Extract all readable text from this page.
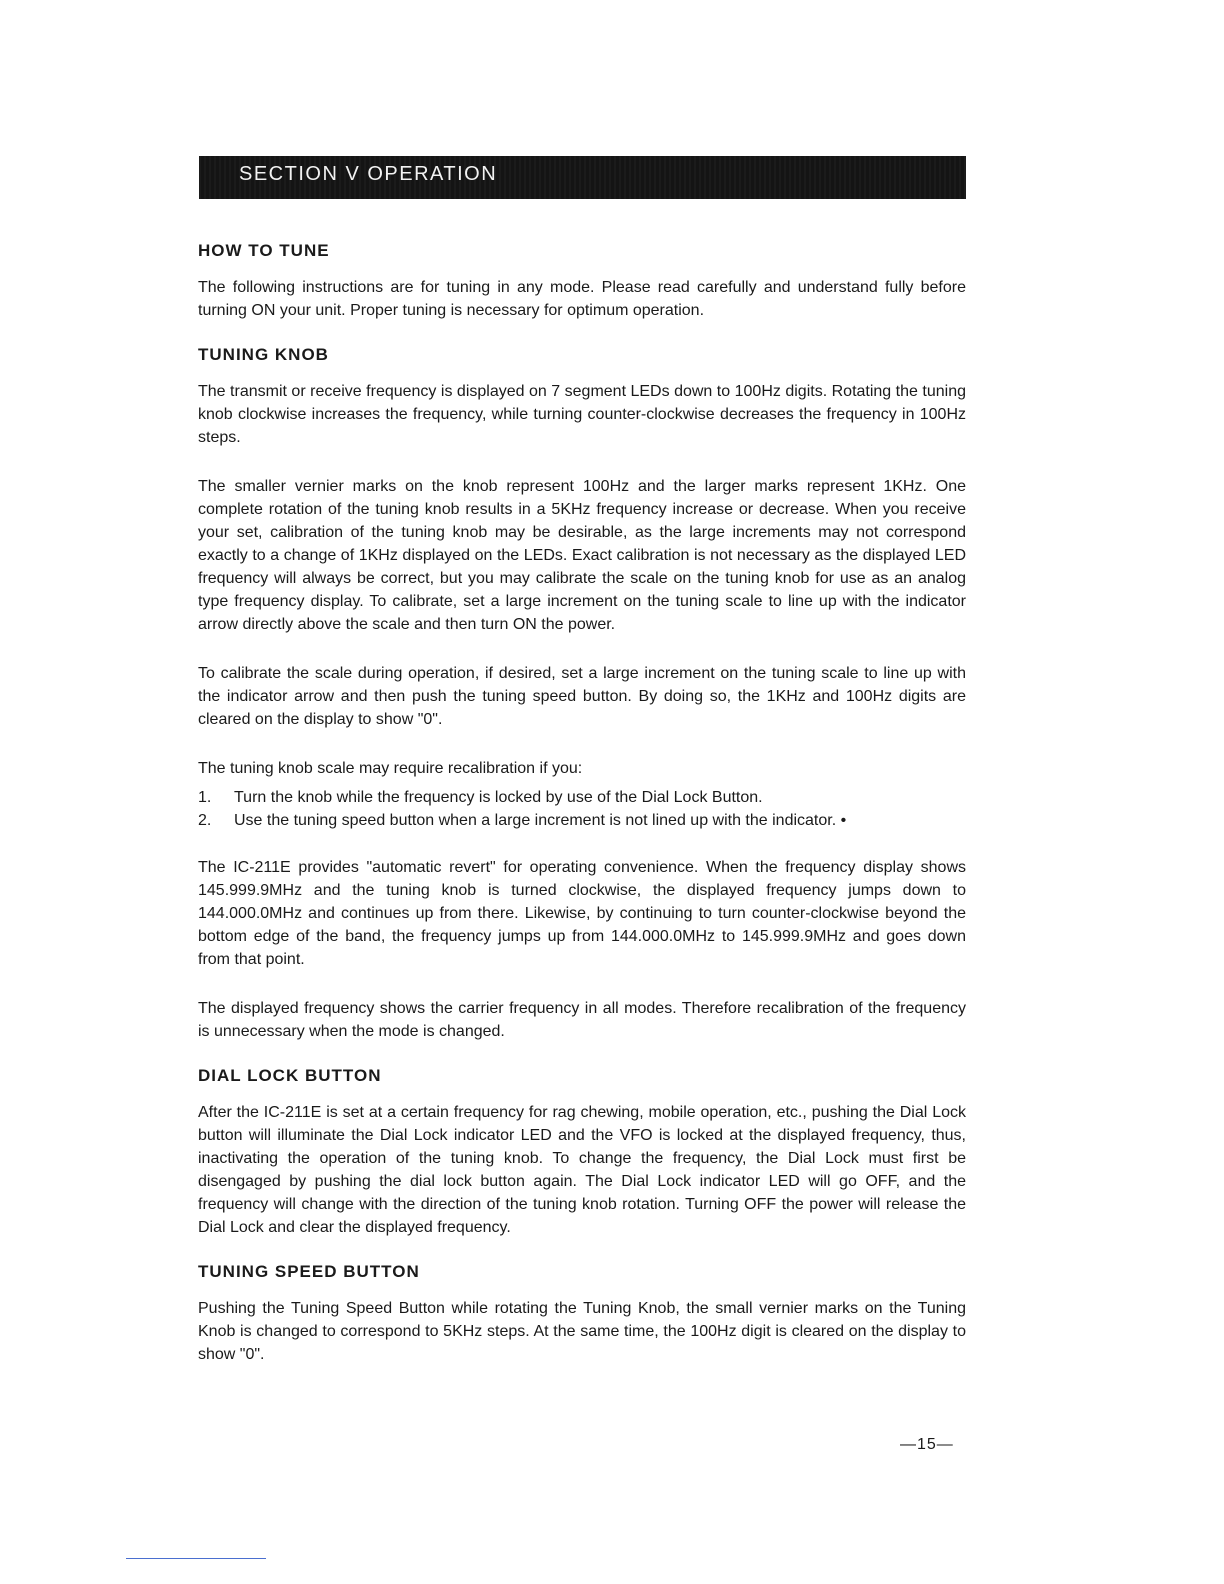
SECTION V OPERATION
HOW TO TUNE

The following instructions are for tuning in any mode. Please read carefully and understand fully before turning ON your unit. Proper tuning is necessary for optimum operation.

TUNING KNOB

The transmit or receive frequency is displayed on 7 segment LEDs down to 100Hz digits. Rotating the tuning knob clockwise increases the frequency, while turning counter-clockwise decreases the frequency in 100Hz steps.

The smaller vernier marks on the knob represent 100Hz and the larger marks represent 1KHz. One complete rotation of the tuning knob results in a 5KHz frequency increase or decrease. When you receive your set, calibration of the tuning knob may be desirable, as the large increments may not correspond exactly to a change of 1KHz displayed on the LEDs. Exact calibration is not necessary as the displayed LED frequency will always be correct, but you may calibrate the scale on the tuning knob for use as an analog type frequency display. To calibrate, set a large increment on the tuning scale to line up with the indicator arrow directly above the scale and then turn ON the power.

To calibrate the scale during operation, if desired, set a large increment on the tuning scale to line up with the indicator arrow and then push the tuning speed button. By doing so, the 1KHz and 100Hz digits are cleared on the display to show "0".

The tuning knob scale may require recalibration if you:

1. Turn the knob while the frequency is locked by use of the Dial Lock Button.
2. Use the tuning speed button when a large increment is not lined up with the indicator. •

The IC-211E provides "automatic revert" for operating convenience. When the frequency display shows 145.999.9MHz and the tuning knob is turned clockwise, the displayed frequency jumps down to 144.000.0MHz and continues up from there. Likewise, by continuing to turn counter-clockwise beyond the bottom edge of the band, the frequency jumps up from 144.000.0MHz to 145.999.9MHz and goes down from that point.

The displayed frequency shows the carrier frequency in all modes. Therefore recalibration of the frequency is unnecessary when the mode is changed.

DIAL LOCK BUTTON

After the IC-211E is set at a certain frequency for rag chewing, mobile operation, etc., pushing the Dial Lock button will illuminate the Dial Lock indicator LED and the VFO is locked at the displayed frequency, thus, inactivating the operation of the tuning knob. To change the frequency, the Dial Lock must first be disengaged by pushing the dial lock button again. The Dial Lock indicator LED will go OFF, and the frequency will change with the direction of the tuning knob rotation. Turning OFF the power will release the Dial Lock and clear the displayed frequency.

TUNING SPEED BUTTON

Pushing the Tuning Speed Button while rotating the Tuning Knob, the small vernier marks on the Tuning Knob is changed to correspond to 5KHz steps. At the same time, the 100Hz digit is cleared on the display to show "0".

—15—
